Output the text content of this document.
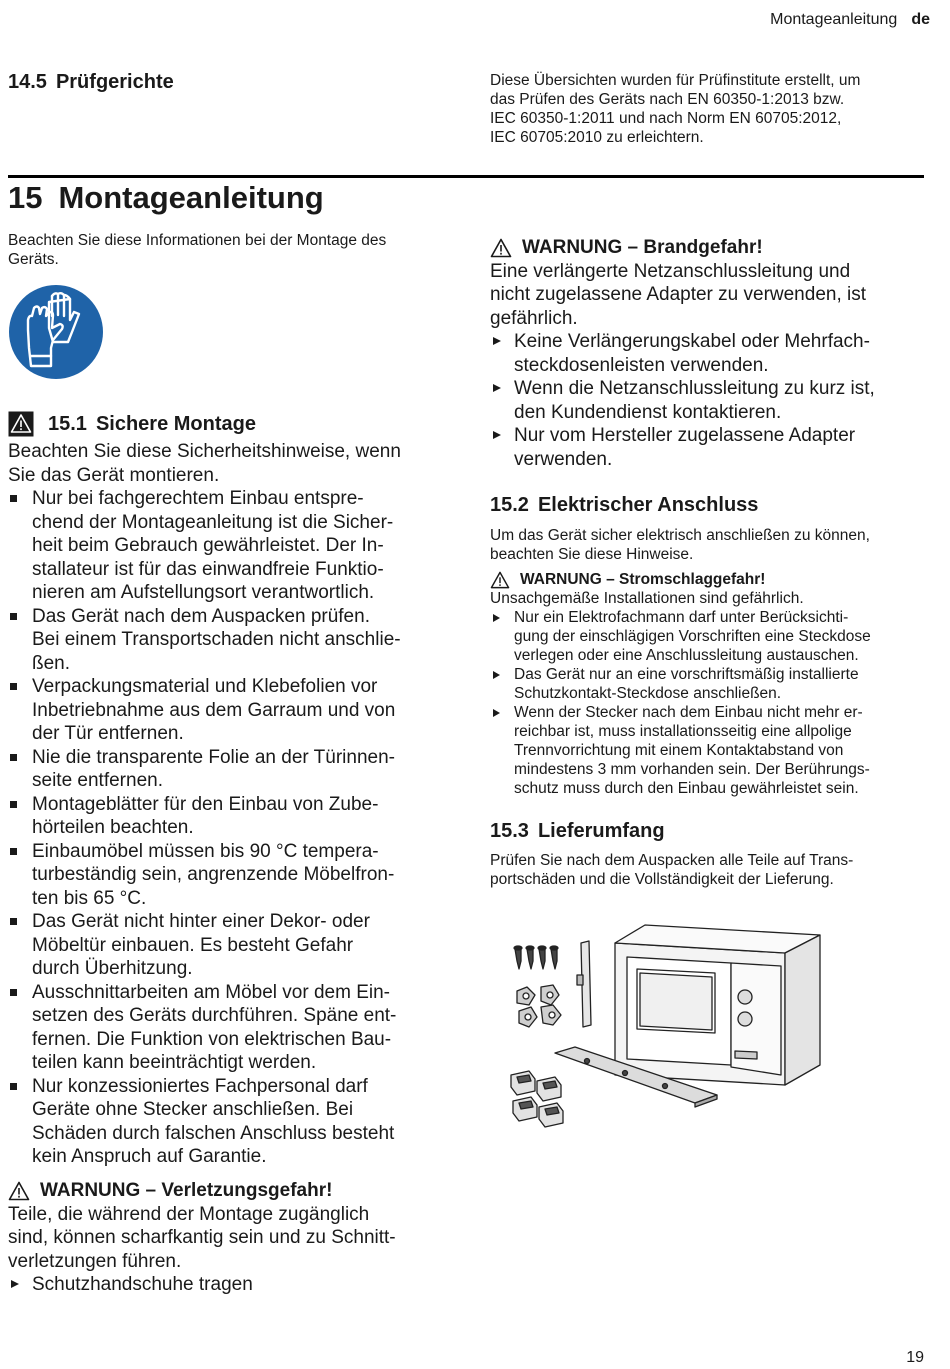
Montageanleitung de
14.5 Prüfgerichte	Diese Übersichten wurden für Prüfinstitute erstellt, um
das Prüfen des Geräts nach EN 60350-1:2013 bzw.
IEC 60350-1:2011 und nach Norm EN 60705:2012,
IEC 60705:2010 zu erleichtern.
15 Montageanleitung
Beachten Sie diese Informationen bei der Montage des
Geräts.
15.1 Sichere Montage
Beachten Sie diese Sicherheitshinweise, wenn
Sie das Gerät montieren.
Nur bei fachgerechtem Einbau entspre-
chend der Montageanleitung ist die Sicher-
heit beim Gebrauch gewährleistet. Der In-
stallateur ist für das einwandfreie Funktio-
nieren am Aufstellungsort verantwortlich.
Das Gerät nach dem Auspacken prüfen.
Bei einem Transportschaden nicht anschlie-
ßen.
Verpackungsmaterial und Klebefolien vor
Inbetriebnahme aus dem Garraum und von
der Tür entfernen.
Nie die transparente Folie an der Türinnen-
seite entfernen.
Montageblätter für den Einbau von Zube-
hörteilen beachten.
Einbaumöbel müssen bis 90 °C tempera-
turbeständig sein, angrenzende Möbelfron-
ten bis 65 °C.
Das Gerät nicht hinter einer Dekor- oder
Möbeltür einbauen. Es besteht Gefahr
durch Überhitzung.
Ausschnittarbeiten am Möbel vor dem Ein-
setzen des Geräts durchführen. Späne ent-
fernen. Die Funktion von elektrischen Bau-
teilen kann beeinträchtigt werden.
Nur konzessioniertes Fachpersonal darf
Geräte ohne Stecker anschließen. Bei
Schäden durch falschen Anschluss besteht
kein Anspruch auf Garantie.
WARNUNG – Verletzungsgefahr!
Teile, die während der Montage zugänglich
sind, können scharfkantig sein und zu Schnitt-
verletzungen führen.
Schutzhandschuhe tragen
WARNUNG – Brandgefahr!
Eine verlängerte Netzanschlussleitung und
nicht zugelassene Adapter zu verwenden, ist
gefährlich.
Keine Verlängerungskabel oder Mehrfach-
steckdosenleisten verwenden.
Wenn die Netzanschlussleitung zu kurz ist,
den Kundendienst kontaktieren.
Nur vom Hersteller zugelassene Adapter
verwenden.
15.2 Elektrischer Anschluss
Um das Gerät sicher elektrisch anschließen zu können,
beachten Sie diese Hinweise.
WARNUNG – Stromschlaggefahr!
Unsachgemäße Installationen sind gefährlich.
Nur ein Elektrofachmann darf unter Berücksichti-
gung der einschlägigen Vorschriften eine Steckdose
verlegen oder eine Anschlussleitung austauschen.
Das Gerät nur an eine vorschriftsmäßig installierte
Schutzkontakt-Steckdose anschließen.
Wenn der Stecker nach dem Einbau nicht mehr er-
reichbar ist, muss installationsseitig eine allpolige
Trennvorrichtung mit einem Kontaktabstand von
mindestens 3 mm vorhanden sein. Der Berührungs-
schutz muss durch den Einbau gewährleistet sein.
15.3 Lieferumfang
Prüfen Sie nach dem Auspacken alle Teile auf Trans-
portschäden und die Vollständigkeit der Lieferung.
19
